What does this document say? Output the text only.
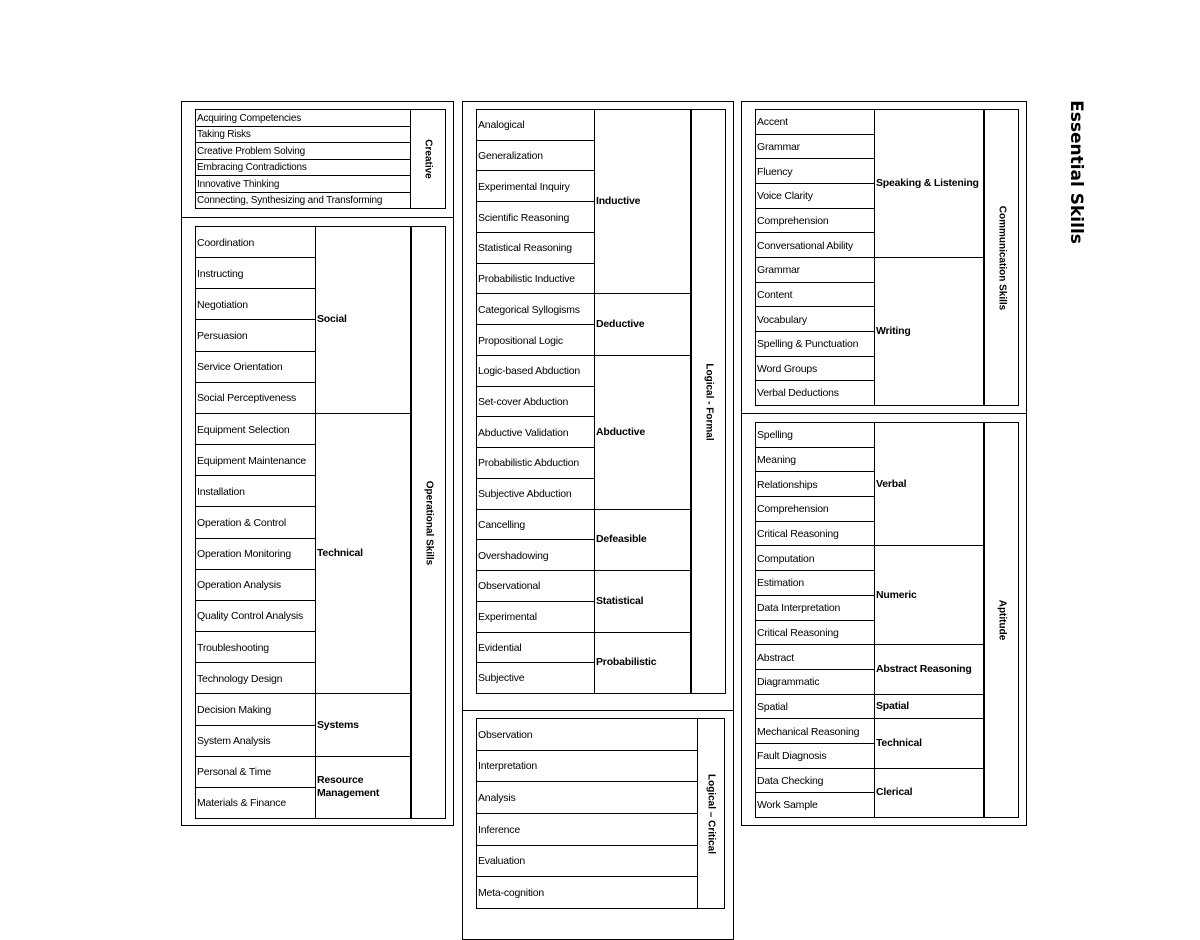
Essential Skills
Acquiring Competencies
Taking Risks
Creative Problem Solving
Embracing Contradictions
Innovative Thinking
Connecting, Synthesizing and Transforming
Creative
Coordination
Instructing
Negotiation
Persuasion
Service Orientation
Social Perceptiveness
Social
Equipment Selection
Equipment Maintenance
Installation
Operation & Control
Operation Monitoring
Operation Analysis
Quality Control Analysis
Troubleshooting
Technology Design
Technical
Decision Making
System Analysis
Systems
Personal & Time
Materials & Finance
Resource Management
Operational Skills
Analogical
Generalization
Experimental Inquiry
Scientific Reasoning
Statistical Reasoning
Probabilistic Inductive
Inductive
Categorical Syllogisms
Propositional Logic
Deductive
Logic-based Abduction
Set-cover Abduction
Abductive Validation
Probabilistic Abduction
Subjective Abduction
Abductive
Cancelling
Overshadowing
Defeasible
Observational
Experimental
Statistical
Evidential
Subjective
Probabilistic
Logical - Formal
Observation
Interpretation
Analysis
Inference
Evaluation
Meta-cognition
Logical – Critical
Accent
Grammar
Fluency
Voice Clarity
Comprehension
Conversational Ability
Speaking & Listening
Grammar
Content
Vocabulary
Spelling & Punctuation
Word Groups
Verbal Deductions
Writing
Communication Skills
Spelling
Meaning
Relationships
Comprehension
Critical Reasoning
Verbal
Computation
Estimation
Data Interpretation
Critical Reasoning
Numeric
Abstract
Diagrammatic
Abstract Reasoning
Spatial	Spatial
Mechanical Reasoning
Fault Diagnosis
Technical
Data Checking
Work Sample
Clerical
Aptitude
